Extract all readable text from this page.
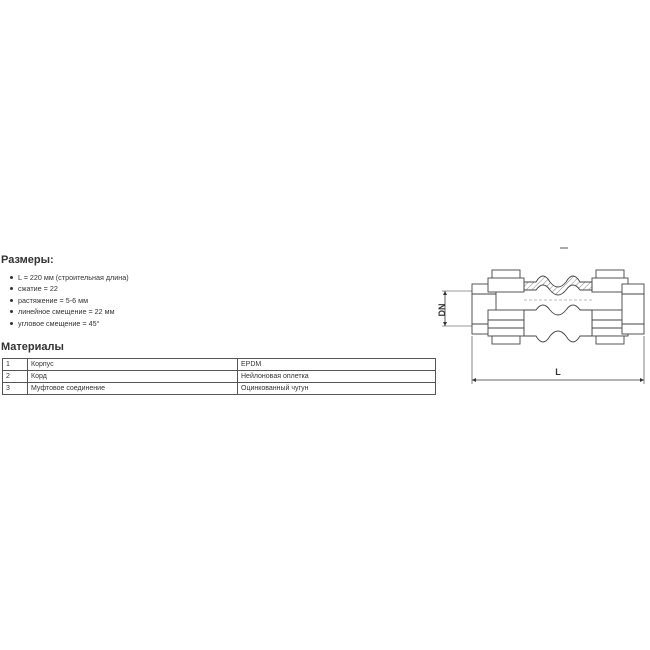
Размеры:
L = 220 мм (строительная длина)
сжатие = 22
растяжение = 5-6 мм
линейное смещение = 22 мм
угловое смещение = 45°
Материалы
1	Корпус	EPDM
2	Корд	Нейлоновая оплетка
3	Муфтовое соединение	Оцинкованный чугун
DN
L
